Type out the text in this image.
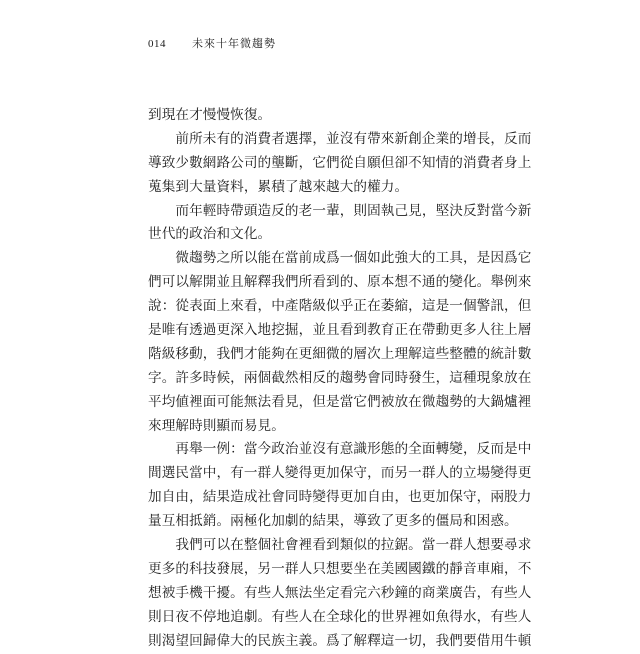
014 未來十年微趨勢
到現在才慢慢恢復。
　　前所未有的消費者選擇，並沒有帶來新創企業的增長，反而
導致少數網路公司的壟斷，它們從自願但卻不知情的消費者身上
蒐集到大量資料，累積了越來越大的權力。
　　而年輕時帶頭造反的老一輩，則固執己見，堅決反對當今新
世代的政治和文化。
　　微趨勢之所以能在當前成爲一個如此強大的工具，是因爲它
們可以解開並且解釋我們所看到的、原本想不通的變化。舉例來
說：從表面上來看，中產階級似乎正在萎縮，這是一個警訊，但
是唯有透過更深入地挖掘，並且看到教育正在帶動更多人往上層
階級移動，我們才能夠在更細微的層次上理解這些整體的統計數
字。許多時候，兩個截然相反的趨勢會同時發生，這種現象放在
平均値裡面可能無法看見，但是當它們被放在微趨勢的大鍋爐裡
來理解時則顯而易見。
　　再舉一例：當今政治並沒有意識形態的全面轉變，反而是中
間選民當中，有一群人變得更加保守，而另一群人的立場變得更
加自由，結果造成社會同時變得更加自由，也更加保守，兩股力
量互相抵銷。兩極化加劇的結果，導致了更多的僵局和困惑。
　　我們可以在整個社會裡看到類似的拉鋸。當一群人想要尋求
更多的科技發展，另一群人只想要坐在美國國鐵的靜音車廂，不
想被手機干擾。有些人無法坐定看完六秒鐘的商業廣告，有些人
則日夜不停地追劇。有些人在全球化的世界裡如魚得水，有些人
則渴望回歸偉大的民族主義。爲了解釋這一切，我們要借用牛頓
